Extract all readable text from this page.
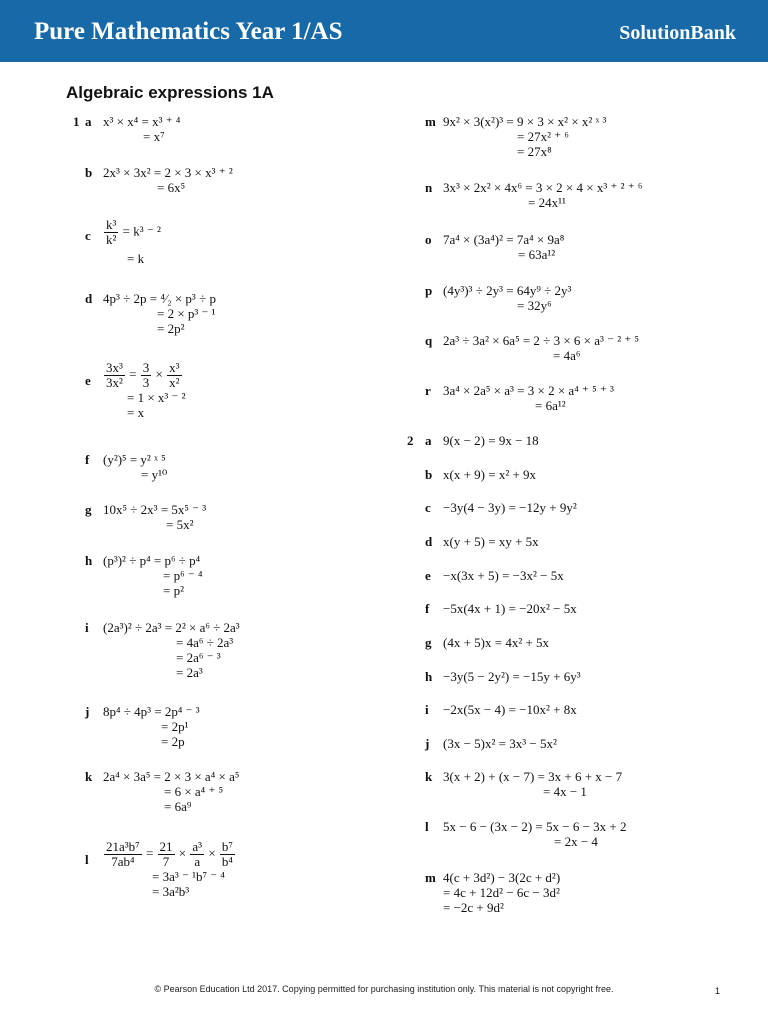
Pure Mathematics Year 1/AS	SolutionBank
Algebraic expressions 1A
1 a x³ × x⁴ = x³ ⁺ ⁴
= x⁷
b 2x³ × 3x² = 2 × 3 × x³ ⁺ ²
= 6x⁵
c $\frac{\text{k³}}{\text{k²}} = k^3$ ⁻ ²
= k
d 4p³ ÷ 2p = ⁴⁄₂ × p³ ÷ p
= 2 × p³ ⁻ ¹
= 2p²
e $\frac{\text{3x³}}{\text{3x²}} = \frac{3}{3} \times \frac{\text{x³}}{\text{x²}}$
= 1 × x³ ⁻ ²
= x
f (y²)⁵ = y² ˣ ⁵
= y¹⁰
g 10x⁵ ÷ 2x³ = 5x⁵ ⁻ ³
= 5x²
h (p³)² ÷ p⁴ = p⁶ ÷ p⁴
= p⁶ ⁻ ⁴
= p²
i (2a³)² ÷ 2a³ = 2² × a⁶ ÷ 2a³
= 4a⁶ ÷ 2a³
= 2a⁶ ⁻ ³
= 2a³
j 8p⁴ ÷ 4p³ = 2p⁴ ⁻ ³
= 2p¹
= 2p
k 2a⁴ × 3a⁵ = 2 × 3 × a⁴ × a⁵
= 6 × a⁴ ⁺ ⁵
= 6a⁹
l $\frac{\text{21a³b⁷}}{\text{7ab⁴}} = \frac{21}{7} \times \frac{\text{a³}}{a} \times \frac{\text{b⁷}}{\text{b⁴}}$
= 3a³ ⁻ ¹b⁷ ⁻ ⁴
= 3a²b³
m 9x² × 3(x²)³ = 9 × 3 × x² × x² ˣ ³
= 27x² ⁺ ⁶
= 27x⁸
n 3x³ × 2x² × 4x⁶ = 3 × 2 × 4 × x³ ⁺ ² ⁺ ⁶
= 24x¹¹
o 7a⁴ × (3a⁴)² = 7a⁴ × 9a⁸
= 63a¹²
p (4y³)³ ÷ 2y³ = 64y⁹ ÷ 2y³
= 32y⁶
q 2a³ ÷ 3a² × 6a⁵ = 2 ÷ 3 × 6 × a³ ⁻ ² ⁺ ⁵
= 4a⁶
r 3a⁴ × 2a⁵ × a³ = 3 × 2 × a⁴ ⁺ ⁵ ⁺ ³
= 6a¹²
2 a 9(x − 2) = 9x − 18
b x(x + 9) = x² + 9x
c −3y(4 − 3y) = −12y + 9y²
d x(y + 5) = xy + 5x
e −x(3x + 5) = −3x² − 5x
f −5x(4x + 1) = −20x² − 5x
g (4x + 5)x = 4x² + 5x
h −3y(5 − 2y²) = −15y + 6y³
i −2x(5x − 4) = −10x² + 8x
j (3x − 5)x² = 3x³ − 5x²
k 3(x + 2) + (x − 7) = 3x + 6 + x − 7
= 4x − 1
l 5x − 6 − (3x − 2) = 5x − 6 − 3x + 2
= 2x − 4
m 4(c + 3d²) − 3(2c + d²)
= 4c + 12d² − 6c − 3d²
= −2c + 9d²
© Pearson Education Ltd 2017. Copying permitted for purchasing institution only. This material is not copyright free.	1
